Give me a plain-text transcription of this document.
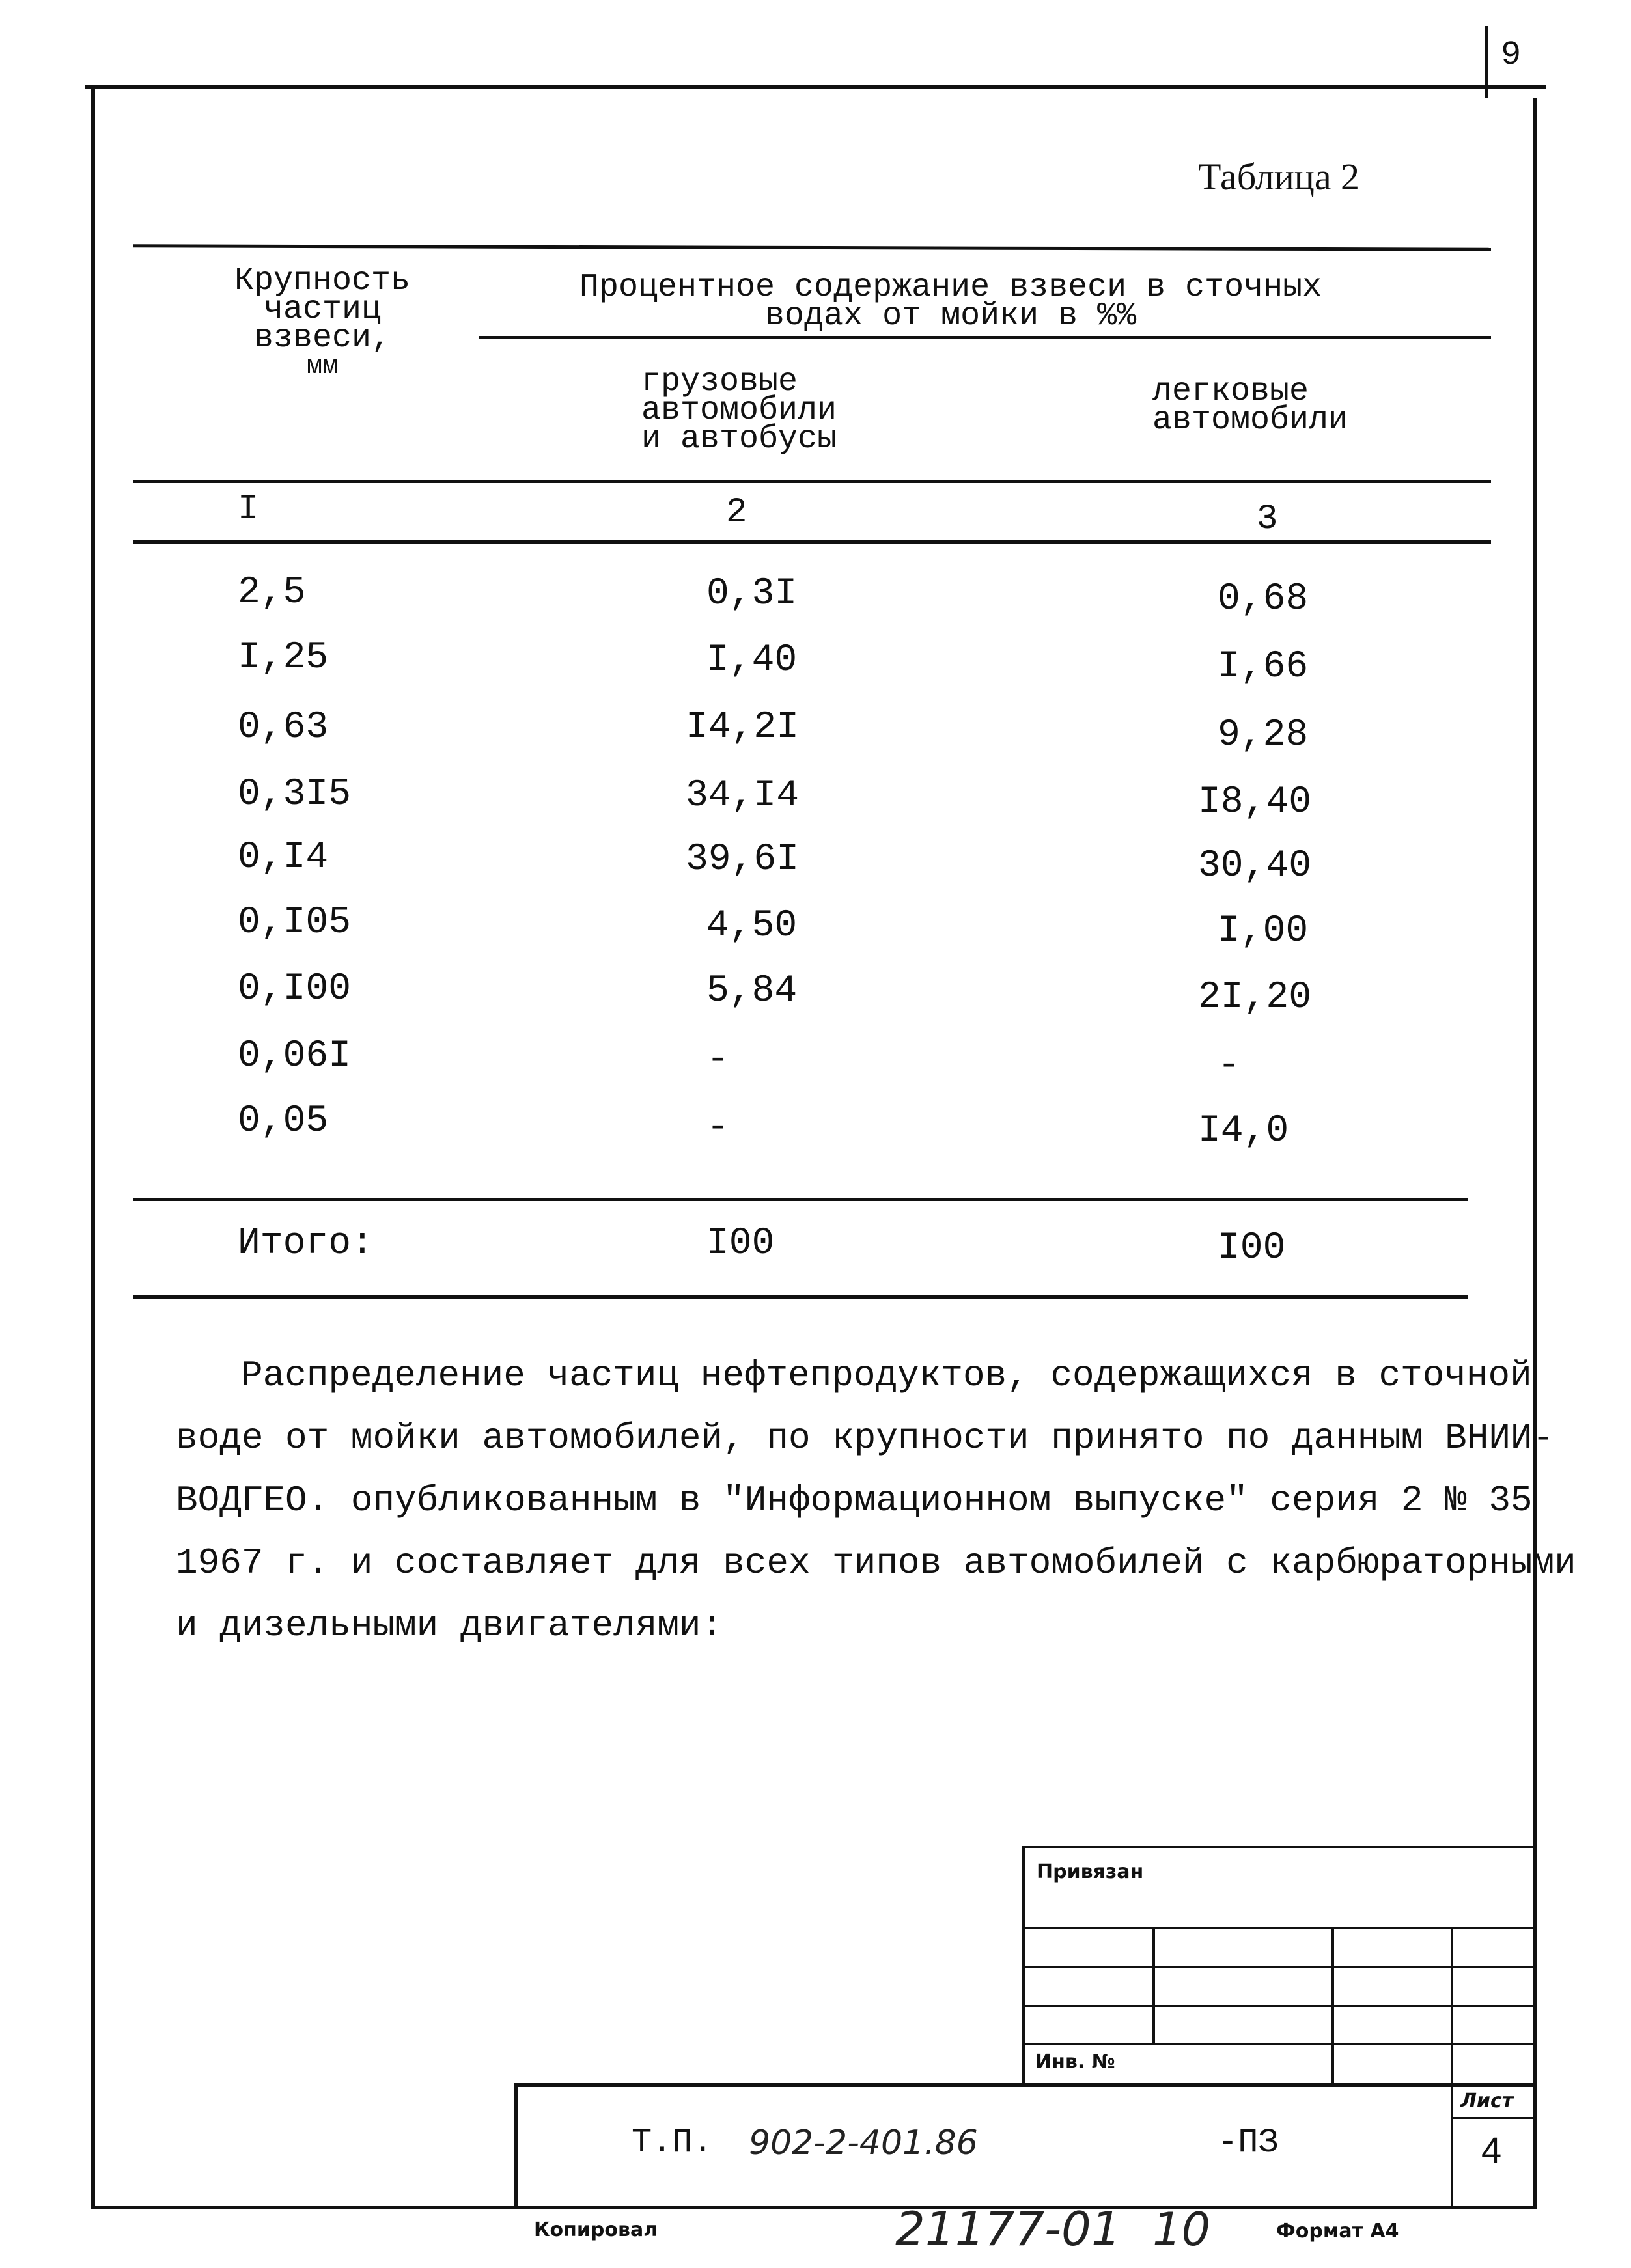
9
Таблица 2
Крупность
частиц
взвеси,
мм
Процентное содержание взвеси в сточных
водах от мойки в %%
грузовые
автомобили
и автобусы
легковые
автомобили
I	2	3
2,5	0,3I	0,68
I,25	I,40	I,66
0,63	I4,2I	9,28
0,3I5	34,I4	I8,40
0,I4	39,6I	30,40
0,I05	4,50	I,00
0,I00	5,84	2I,20
0,06I	-	-
0,05	-	I4,0
Итого:	I00	I00
Распределение частиц нефтепродуктов, содержащихся в сточной
воде от мойки автомобилей, по крупности принято по данным ВНИИ-
ВОДГЕО. опубликованным в "Информационном выпуске" серия 2 № 35
1967 г. и составляет для всех типов автомобилей с карбюраторными
и дизельными двигателями:
Привязан
Инв. №
Лист
4
Т.П. 902-2-401.86	-ПЗ
Копировал	21177-01 10	Формат А4
